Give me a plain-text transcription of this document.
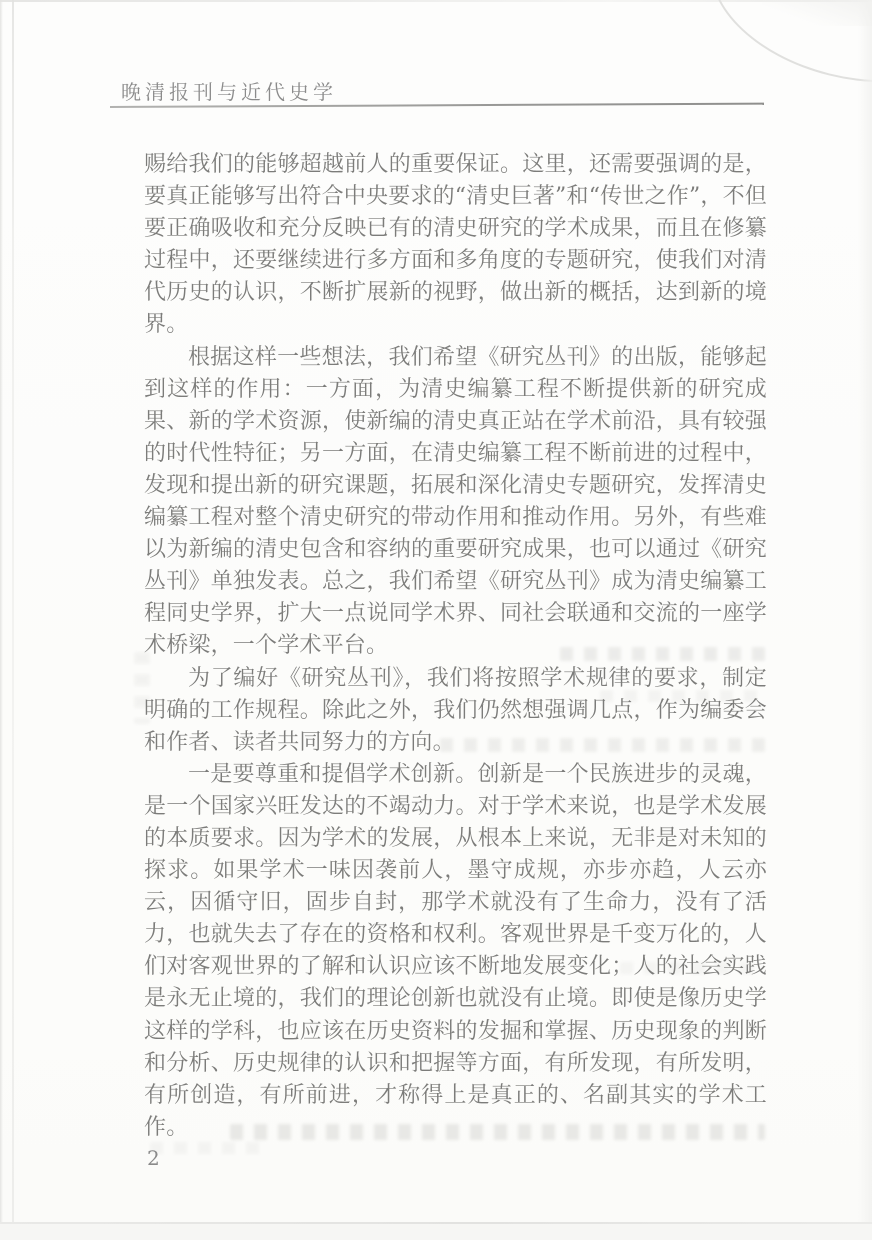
晚清报刊与近代史学

赐给我们的能够超越前人的重要保证。这里，还需要强调的是，要真正能够写出符合中央要求的“清史巨著”和“传世之作”，不但要正确吸收和充分反映已有的清史研究的学术成果，而且在修纂过程中，还要继续进行多方面和多角度的专题研究，使我们对清代历史的认识，不断扩展新的视野，做出新的概括，达到新的境界。

根据这样一些想法，我们希望《研究丛刊》的出版，能够起到这样的作用：一方面，为清史编纂工程不断提供新的研究成果、新的学术资源，使新编的清史真正站在学术前沿，具有较强的时代性特征；另一方面，在清史编纂工程不断前进的过程中，发现和提出新的研究课题，拓展和深化清史专题研究，发挥清史编纂工程对整个清史研究的带动作用和推动作用。另外，有些难以为新编的清史包含和容纳的重要研究成果，也可以通过《研究丛刊》单独发表。总之，我们希望《研究丛刊》成为清史编纂工程同史学界，扩大一点说同学术界、同社会联通和交流的一座学术桥梁，一个学术平台。

为了编好《研究丛刊》，我们将按照学术规律的要求，制定明确的工作规程。除此之外，我们仍然想强调几点，作为编委会和作者、读者共同努力的方向。

一是要尊重和提倡学术创新。创新是一个民族进步的灵魂，是一个国家兴旺发达的不竭动力。对于学术来说，也是学术发展的本质要求。因为学术的发展，从根本上来说，无非是对未知的探求。如果学术一味因袭前人，墨守成规，亦步亦趋，人云亦云，因循守旧，固步自封，那学术就没有了生命力，没有了活力，也就失去了存在的资格和权利。客观世界是千变万化的，人们对客观世界的了解和认识应该不断地发展变化；人的社会实践是永无止境的，我们的理论创新也就没有止境。即使是像历史学这样的学科，也应该在历史资料的发掘和掌握、历史现象的判断和分析、历史规律的认识和把握等方面，有所发现，有所发明，有所创造，有所前进，才称得上是真正的、名副其实的学术工作。

2
